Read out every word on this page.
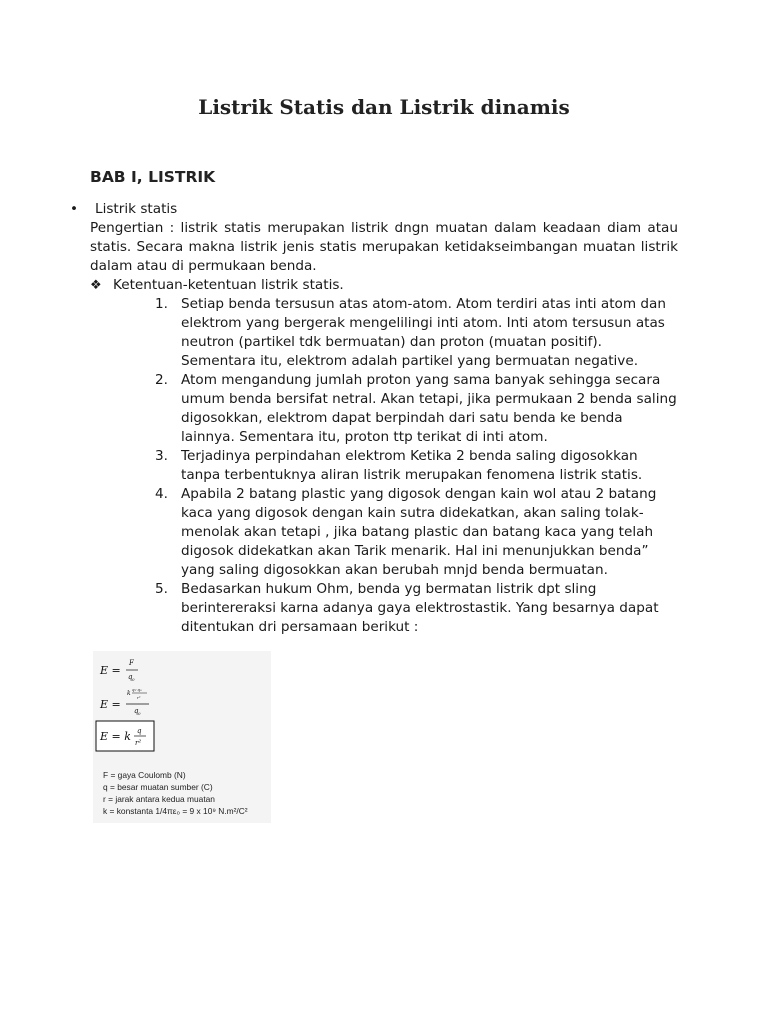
Listrik Statis dan Listrik dinamis
BAB I, LISTRIK
• Listrik statis

Pengertian : listrik statis merupakan listrik dngn muatan dalam keadaan diam atau statis. Secara makna listrik jenis statis merupakan ketidakseimbangan muatan listrik dalam atau di permukaan benda.

❖ Ketentuan-ketentuan listrik statis.
1. Setiap benda tersusun atas atom-atom. Atom terdiri atas inti atom dan elektrom yang bergerak mengelilingi inti atom. Inti atom tersusun atas neutron (partikel tdk bermuatan) dan proton (muatan positif). Sementara itu, elektrom adalah partikel yang bermuatan negative.
2. Atom mengandung jumlah proton yang sama banyak sehingga secara umum benda bersifat netral. Akan tetapi, jika permukaan 2 benda saling digosokkan, elektrom dapat berpindah dari satu benda ke benda lainnya. Sementara itu, proton ttp terikat di inti atom.
3. Terjadinya perpindahan elektrom Ketika 2 benda saling digosokkan tanpa terbentuknya aliran listrik merupakan fenomena listrik statis.
4. Apabila 2 batang plastic yang digosok dengan kain wol atau 2 batang kaca yang digosok dengan kain sutra didekatkan, akan saling tolak-menolak akan tetapi , jika batang plastic dan batang kaca yang telah digosok didekatkan akan Tarik menarik. Hal ini menunjukkan benda” yang saling digosokkan akan berubah mnjd benda bermuatan.
5. Bedasarkan hukum Ohm, benda yg bermatan listrik dpt sling berintereraksi karna adanya gaya elektrostastik. Yang besarnya dapat ditentukan dri persamaan berikut :
E =
F
q 0
E =
k
q₁·q₀
r²
q 0
E = k q
r²
F = gaya Coulomb (N)
q = besar muatan sumber (C)
r = jarak antara kedua muatan
k = konstanta 1/4πε₀ = 9 x 10⁹ N.m²/C²
